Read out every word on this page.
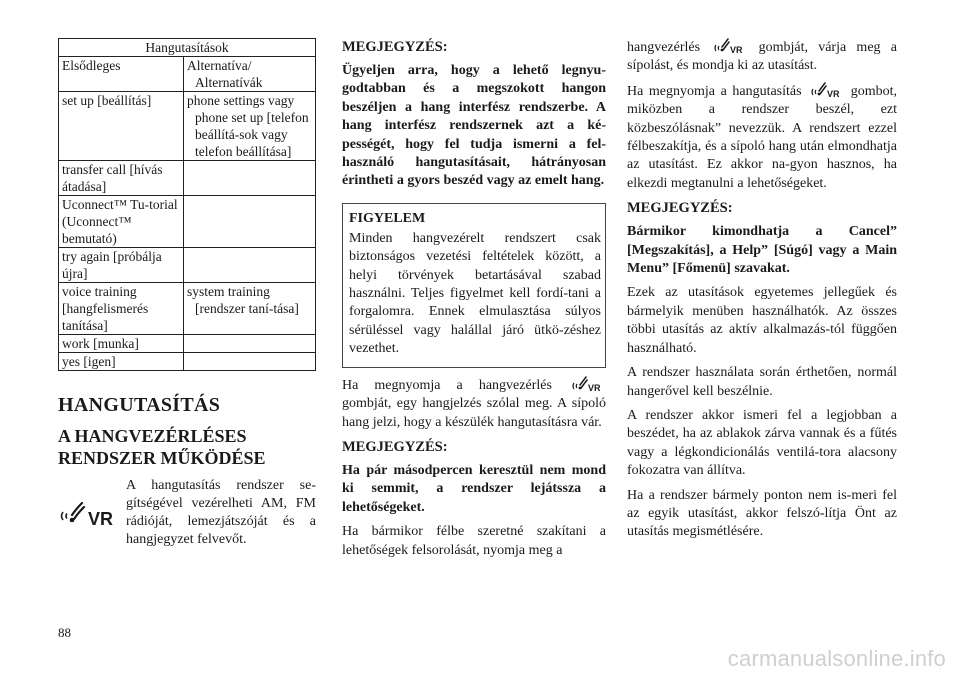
Hangutasítások	
Elsődleges	Alternatíva/ Alternatívák

set up [beállítás]	phone settings vagy phone set up [telefon beállítá-sok vagy telefon beállítása]

transfer call [hívás átadása]	
Uconnect™ Tu-torial (Uconnect™ bemutató)	
try again [próbálja újra]	
voice training [hangfelismerés tanítása]	system training [rendszer taní-tása]

work [munka]	
yes [igen]	
HANGUTASÍTÁS
A HANGVEZÉRLÉSES RENDSZER MŰKÖDÉSE
VR
A hangutasítás rendszer se-gítségével vezérelheti AM, FM rádióját, lemezjátszóját és a hangjegyzet felvevőt.
MEGJEGYZÉS:

Ügyeljen arra, hogy a lehető legnyu-godtabban és a megszokott hangon beszéljen a hang interfész rendszerbe. A hang interfész rendszernek azt a ké-pességét, hogy fel tudja ismerni a fel-használó hangutasításait, hátrányosan érintheti a gyors beszéd vagy az emelt hang.

FIGYELEM

Minden hangvezérelt rendszert csak biztonságos vezetési feltételek között, a helyi törvények betartásával szabad használni. Teljes figyelmet kell fordí-tani a forgalomra. Ennek elmulasztása súlyos sérüléssel vagy halállal járó ütkö-zéshez vezethet.

Ha megnyomja a hangvezérlés	VR
gombját, egy hangjelzés szólal meg. A sípoló hang jelzi, hogy a készülék hangutasításra vár.

MEGJEGYZÉS:

Ha pár másodpercen keresztül nem mond ki semmit, a rendszer lejátssza a lehetőségeket.

Ha bármikor félbe szeretné szakítani a lehetőségek felsorolását, nyomja meg a

hangvezérlés	VR gombját, várja meg a sípolást, és mondja ki az utasítást.

Ha megnyomja a hangutasítás	VR gombot, miközben a rendszer beszél, ezt közbeszólásnak” nevezzük. A rendszert ezzel félbeszakítja, és a sípoló hang után elmondhatja az utasítást. Ez akkor na-gyon hasznos, ha elkezdi megtanulni a lehetőségeket.

MEGJEGYZÉS:

Bármikor kimondhatja a Cancel” [Megszakítás], a Help” [Súgó] vagy a Main Menu” [Főmenü] szavakat.

Ezek az utasítások egyetemes jellegűek és bármelyik menüben használhatók. Az összes többi utasítás az aktív alkalmazás-tól függően használható.

A rendszer használata során érthetően, normál hangerővel kell beszélnie.

A rendszer akkor ismeri fel a legjobban a beszédet, ha az ablakok zárva vannak és a fűtés vagy a légkondicionálás ventilá-tora alacsony fokozatra van állítva.

Ha a rendszer bármely ponton nem is-meri fel az egyik utasítást, akkor felszó-lítja Önt az utasítás megismétlésére.

88
carmanualsonline.info
